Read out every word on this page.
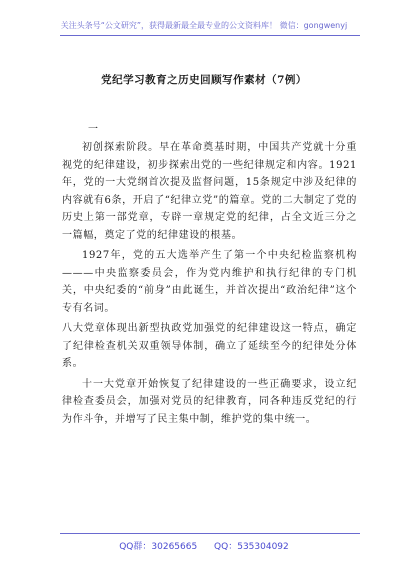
关注头条号“公文研究”，获得最新最全最专业的公文资料库！ 微信：gongwenyj
党纪学习教育之历史回顾写作素材（7例）
一

初创探索阶段。早在革命奠基时期，中国共产党就十分重视党的纪律建设，初步探索出党的一些纪律规定和内容。1921年，党的一大党纲首次提及监督问题，15条规定中涉及纪律的内容就有6条，开启了“纪律立党”的篇章。党的二大制定了党的历史上第一部党章，专辟一章规定党的纪律，占全文近三分之一篇幅，奠定了党的纪律建设的根基。

1927年，党的五大选举产生了第一个中央纪检监察机构———中央监察委员会，作为党内维护和执行纪律的专门机关，中央纪委的“前身”由此诞生，并首次提出“政治纪律”这个专有名词。

八大党章体现出新型执政党加强党的纪律建设这一特点，确定了纪律检查机关双重领导体制，确立了延续至今的纪律处分体系。

十一大党章开始恢复了纪律建设的一些正确要求，设立纪律检查委员会，加强对党员的纪律教育，同各种违反党纪的行为作斗争，并增写了民主集中制，维护党的集中统一。

QQ群：30265665 QQ：535304092
